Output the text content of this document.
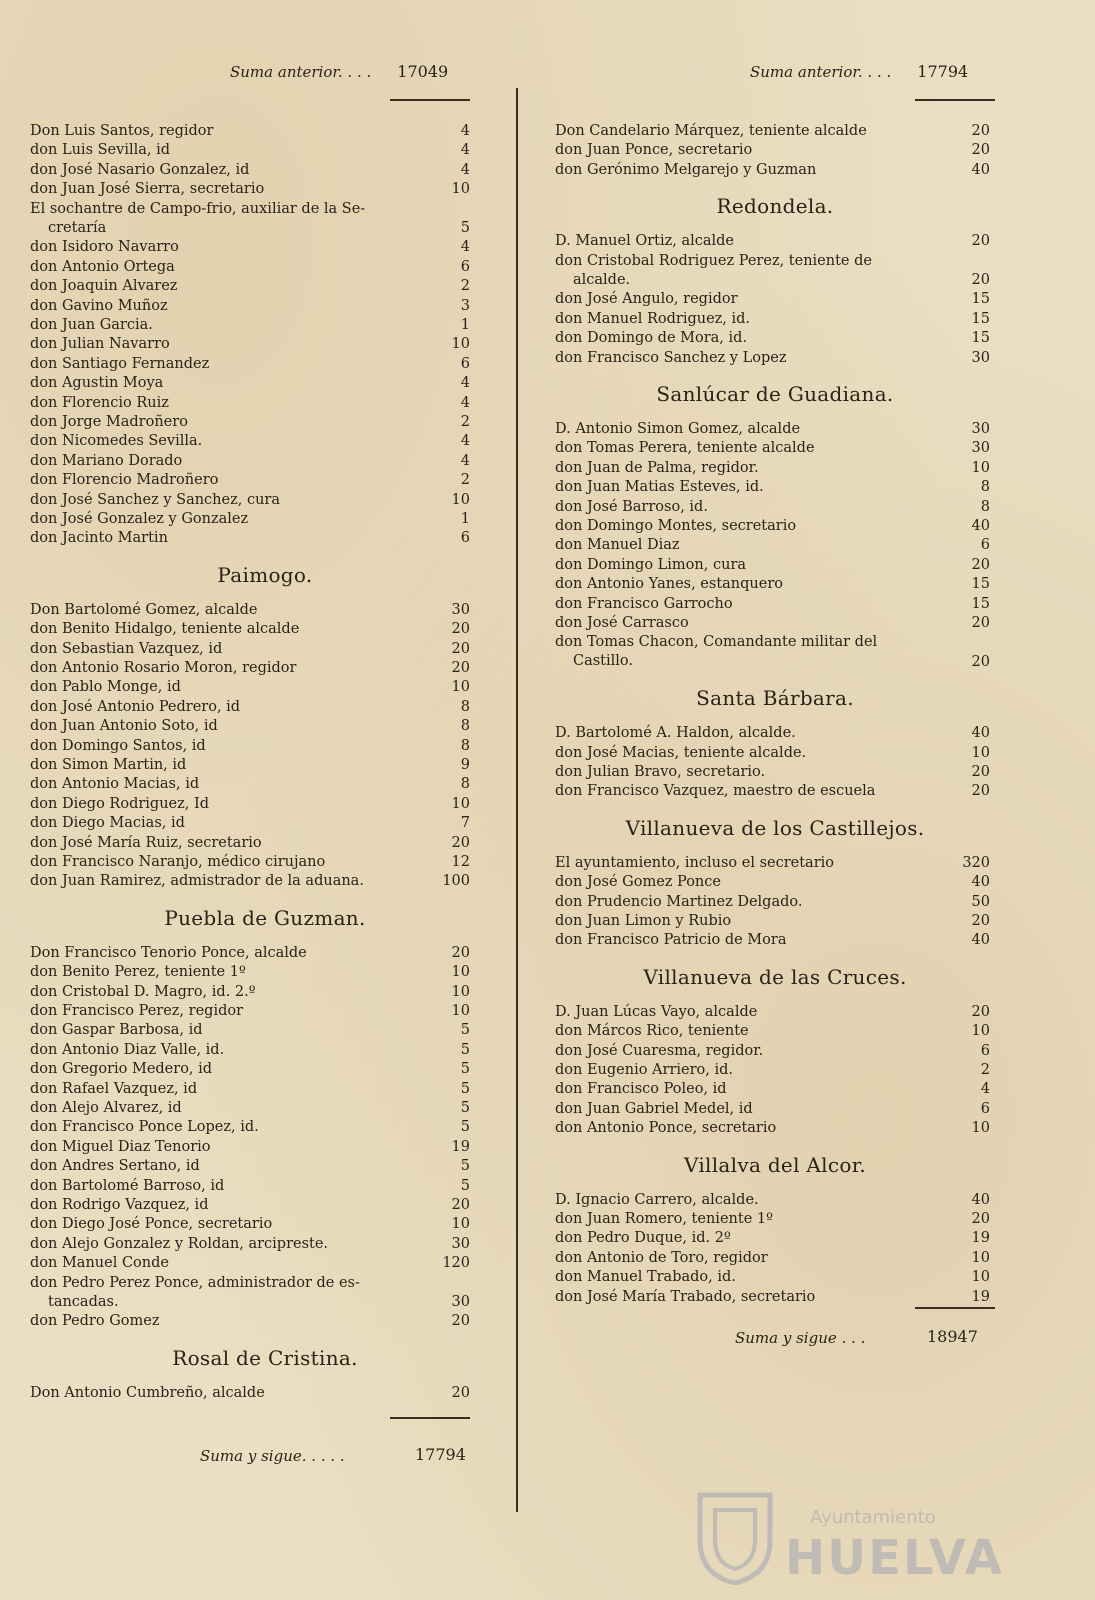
Suma anterior. . . . 17049
Don Luis Santos, regidor	4
don Luis Sevilla, id	4
don José Nasario Gonzalez, id	4
don Juan José Sierra, secretario	10
El sochantre de Campo-frio, auxiliar de la Se-
cretaría	5
don Isidoro Navarro	4
don Antonio Ortega	6
don Joaquin Alvarez	2
don Gavino Muñoz	3
don Juan Garcia.	1
don Julian Navarro	10
don Santiago Fernandez	6
don Agustin Moya	4
don Florencio Ruiz	4
don Jorge Madroñero	2
don Nicomedes Sevilla.	4
don Mariano Dorado	4
don Florencio Madroñero	2
don José Sanchez y Sanchez, cura	10
don José Gonzalez y Gonzalez	1
don Jacinto Martin	6
Paimogo.
Don Bartolomé Gomez, alcalde	30
don Benito Hidalgo, teniente alcalde	20
don Sebastian Vazquez, id	20
don Antonio Rosario Moron, regidor	20
don Pablo Monge, id	10
don José Antonio Pedrero, id	8
don Juan Antonio Soto, id	8
don Domingo Santos, id	8
don Simon Martin, id	9
don Antonio Macias, id	8
don Diego Rodriguez, Id	10
don Diego Macias, id	7
don José María Ruiz, secretario	20
don Francisco Naranjo, médico cirujano	12
don Juan Ramirez, admistrador de la aduana.	100
Puebla de Guzman.
Don Francisco Tenorio Ponce, alcalde	20
don Benito Perez, teniente 1º	10
don Cristobal D. Magro, id. 2.º	10
don Francisco Perez, regidor	10
don Gaspar Barbosa, id	5
don Antonio Diaz Valle, id.	5
don Gregorio Medero, id	5
don Rafael Vazquez, id	5
don Alejo Alvarez, id	5
don Francisco Ponce Lopez, id.	5
don Miguel Diaz Tenorio	19
don Andres Sertano, id	5
don Bartolomé Barroso, id	5
don Rodrigo Vazquez, id	20
don Diego José Ponce, secretario	10
don Alejo Gonzalez y Roldan, arcipreste.	30
don Manuel Conde	120
don Pedro Perez Ponce, administrador de es-
tancadas.	30
don Pedro Gomez	20
Rosal de Cristina.
Don Antonio Cumbreño, alcalde	20
Suma y sigue. . . . .	17794
Suma anterior. . . . 17794
Don Candelario Márquez, teniente alcalde	20
don Juan Ponce, secretario	20
don Gerónimo Melgarejo y Guzman	40
Redondela.
D. Manuel Ortiz, alcalde	20
don Cristobal Rodriguez Perez, teniente de
alcalde.	20
don José Angulo, regidor	15
don Manuel Rodriguez, id.	15
don Domingo de Mora, id.	15
don Francisco Sanchez y Lopez	30
Sanlúcar de Guadiana.
D. Antonio Simon Gomez, alcalde	30
don Tomas Perera, teniente alcalde	30
don Juan de Palma, regidor.	10
don Juan Matias Esteves, id.	8
don José Barroso, id.	8
don Domingo Montes, secretario	40
don Manuel Diaz	6
don Domingo Limon, cura	20
don Antonio Yanes, estanquero	15
don Francisco Garrocho	15
don José Carrasco	20
don Tomas Chacon, Comandante militar del
Castillo.	20
Santa Bárbara.
D. Bartolomé A. Haldon, alcalde.	40
don José Macias, teniente alcalde.	10
don Julian Bravo, secretario.	20
don Francisco Vazquez, maestro de escuela	20
Villanueva de los Castillejos.
El ayuntamiento, incluso el secretario	320
don José Gomez Ponce	40
don Prudencio Martinez Delgado.	50
don Juan Limon y Rubio	20
don Francisco Patricio de Mora	40
Villanueva de las Cruces.
D. Juan Lúcas Vayo, alcalde	20
don Márcos Rico, teniente	10
don José Cuaresma, regidor.	6
don Eugenio Arriero, id.	2
don Francisco Poleo, id	4
don Juan Gabriel Medel, id	6
don Antonio Ponce, secretario	10
Villalva del Alcor.
D. Ignacio Carrero, alcalde.	40
don Juan Romero, teniente 1º	20
don Pedro Duque, id. 2º	19
don Antonio de Toro, regidor	10
don Manuel Trabado, id.	10
don José María Trabado, secretario	19
Suma y sigue . . .	18947
Ayuntamiento
HUELVA
